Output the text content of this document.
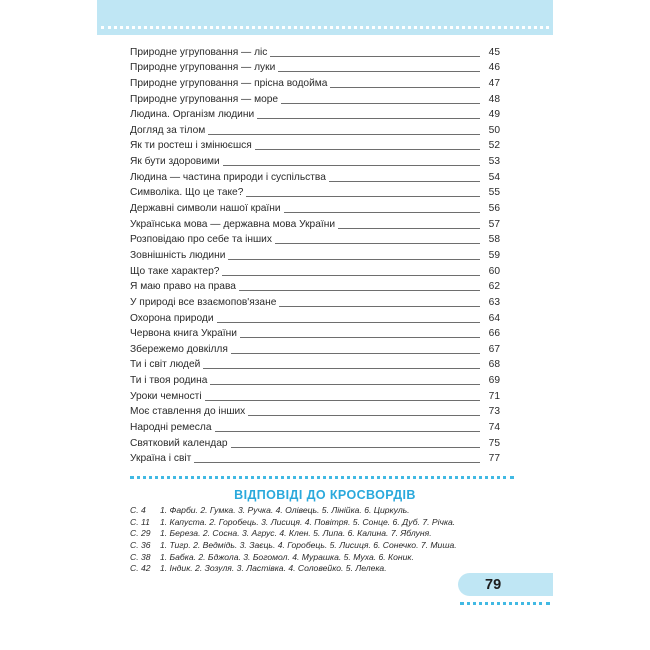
Природне угруповання — ліс	45
Природне угруповання — луки	46
Природне угруповання — прісна водойма	47
Природне угруповання — море	48
Людина. Організм людини	49
Догляд за тілом	50
Як ти ростеш і змінюєшся	52
Як бути здоровими	53
Людина — частина природи і суспільства	54
Символіка. Що це таке?	55
Державні символи нашої країни	56
Українська мова — державна мова України	57
Розповідаю про себе та інших	58
Зовнішність людини	59
Що таке характер?	60
Я маю право на права	62
У природі все взаємопов'язане	63
Охорона природи	64
Червона книга України	66
Збережемо довкілля	67
Ти і світ людей	68
Ти і твоя родина	69
Уроки чемності	71
Моє ставлення до інших	73
Народні ремесла	74
Святковий календар	75
Україна і світ	77
ВІДПОВІДІ ДО КРОСВОРДІВ
С. 4	1. Фарби. 2. Гумка. 3. Ручка. 4. Олівець. 5. Лінійка. 6. Циркуль.
С. 11	1. Капуста. 2. Горобець. 3. Лисиця. 4. Повітря. 5. Сонце. 6. Дуб. 7. Річка.
С. 29	1. Береза. 2. Сосна. 3. Агрус. 4. Клен. 5. Липа. 6. Калина. 7. Яблуня.
С. 36	1. Тигр. 2. Ведмідь. 3. Заєць. 4. Горобець. 5. Лисиця. 6. Сонечко. 7. Миша.
С. 38	1. Бабка. 2. Бджола. 3. Богомол. 4. Мурашка. 5. Муха. 6. Коник.
С. 42	1. Індик. 2. Зозуля. 3. Ластівка. 4. Соловейко. 5. Лелека.
79
